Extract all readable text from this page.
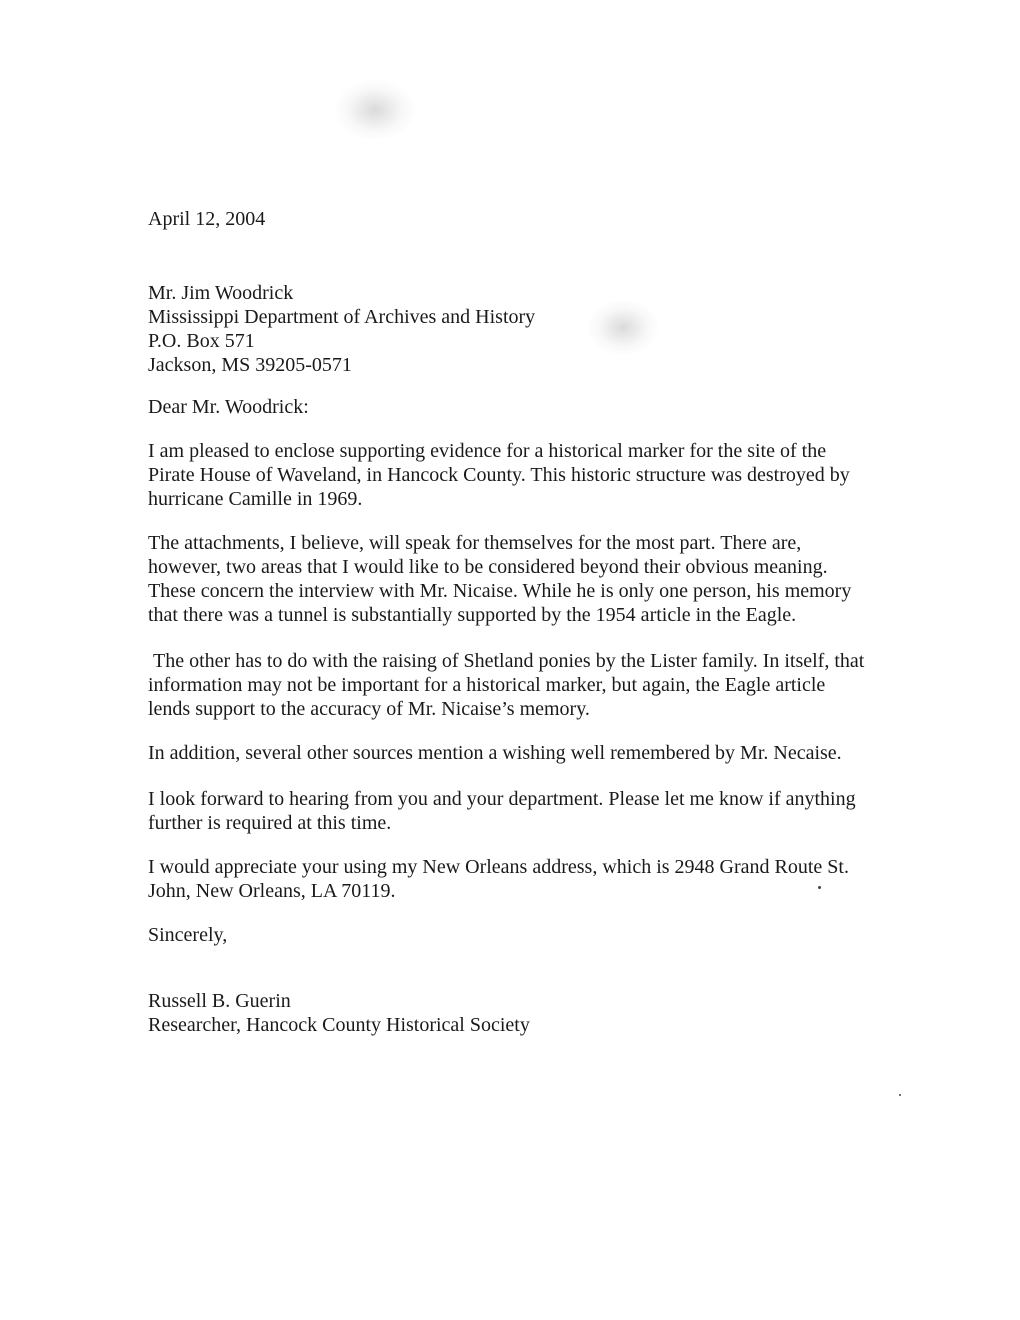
April 12, 2004
Mr. Jim Woodrick
Mississippi Department of Archives and History
P.O. Box 571
Jackson, MS 39205-0571
Dear Mr. Woodrick:
I am pleased to enclose supporting evidence for a historical marker for the site of the
Pirate House of Waveland, in Hancock County. This historic structure was destroyed by
hurricane Camille in 1969.
The attachments, I believe, will speak for themselves for the most part. There are,
however, two areas that I would like to be considered beyond their obvious meaning.
These concern the interview with Mr. Nicaise. While he is only one person, his memory
that there was a tunnel is substantially supported by the 1954 article in the Eagle.
The other has to do with the raising of Shetland ponies by the Lister family. In itself, that
information may not be important for a historical marker, but again, the Eagle article
lends support to the accuracy of Mr. Nicaise’s memory.
In addition, several other sources mention a wishing well remembered by Mr. Necaise.
I look forward to hearing from you and your department. Please let me know if anything
further is required at this time.
I would appreciate your using my New Orleans address, which is 2948 Grand Route St.
John, New Orleans, LA 70119.
Sincerely,
Russell B. Guerin
Researcher, Hancock County Historical Society
